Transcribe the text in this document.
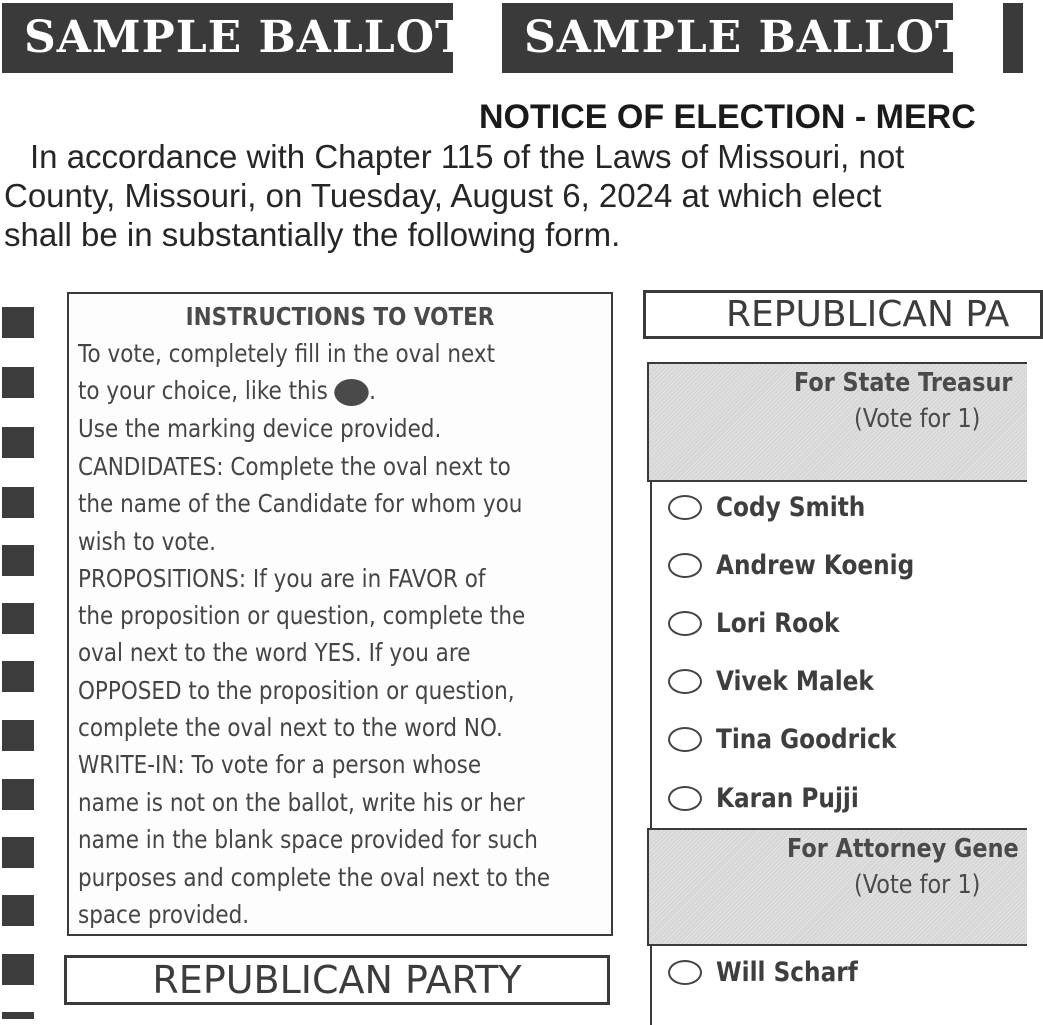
SAMPLE BALLOTS SAMPLE BALLOTS
NOTICE OF ELECTION - MERC
In accordance with Chapter 115 of the Laws of Missouri, not
County, Missouri, on Tuesday, August 6, 2024 at which elect
shall be in substantially the following form.
INSTRUCTIONS TO VOTER
To vote, completely fill in the oval next
to your choice, like this .
Use the marking device provided.
CANDIDATES: Complete the oval next to
the name of the Candidate for whom you
wish to vote.
PROPOSITIONS: If you are in FAVOR of
the proposition or question, complete the
oval next to the word YES. If you are
OPPOSED to the proposition or question,
complete the oval next to the word NO.
WRITE-IN: To vote for a person whose
name is not on the ballot, write his or her
name in the blank space provided for such
purposes and complete the oval next to the
space provided.
REPUBLICAN PARTY
REPUBLICAN PA
For State Treasur
(Vote for 1)
Cody Smith
Andrew Koenig
Lori Rook
Vivek Malek
Tina Goodrick
Karan Pujji
For Attorney Gene
(Vote for 1)
Will Scharf
